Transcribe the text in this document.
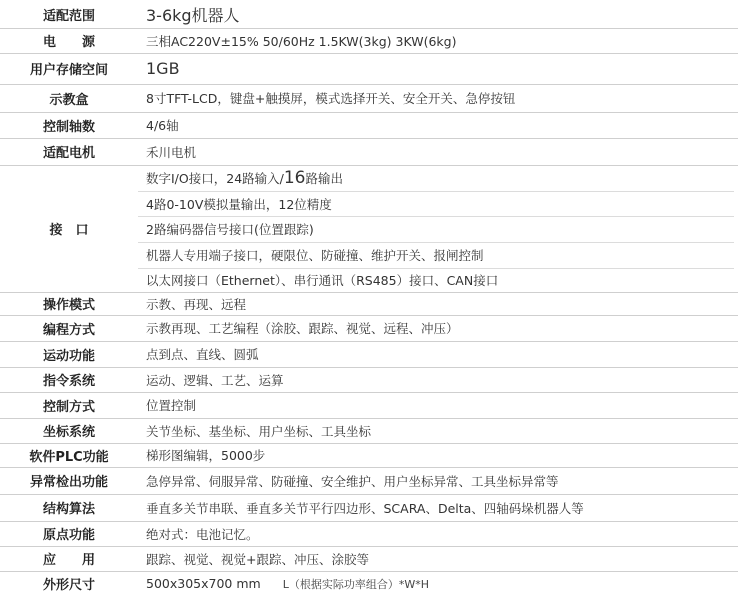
适配范围
电　　源
用户存储空间
示教盒
控制轴数
适配电机
接　口
操作模式
编程方式
运动功能
指令系统
控制方式
坐标系统
软件PLC功能
异常检出功能
结构算法
原点功能
应　　用
外形尺寸
3-6kg机器人
三相AC220V±15% 50/60Hz 1.5KW(3kg) 3KW(6kg)
1GB
8寸TFT-LCD，键盘+触摸屏，模式选择开关、安全开关、急停按钮
4/6轴
禾川电机
数字I/O接口，24路输入/ 16 路输出
4路0-10V模拟量输出，12位精度
2路编码器信号接口(位置跟踪)
机器人专用端子接口，硬限位、防碰撞、维护开关、报闸控制
以太网接口（Ethernet）、串行通讯（RS485）接口、CAN接口
示教、再现、远程
示教再现、工艺编程（涂胶、跟踪、视觉、远程、冲压）
点到点、直线、圆弧
运动、逻辑、工艺、运算
位置控制
关节坐标、基坐标、用户坐标、工具坐标
梯形图编辑，5000步
急停异常、伺服异常、防碰撞、安全维护、用户坐标异常、工具坐标异常等
垂直多关节串联、垂直多关节平行四边形、SCARA、Delta、四轴码垛机器人等
绝对式：电池记忆。
跟踪、视觉、视觉+跟踪、冲压、涂胶等
500x305x700 mm L（根据实际功率组合）*W*H
